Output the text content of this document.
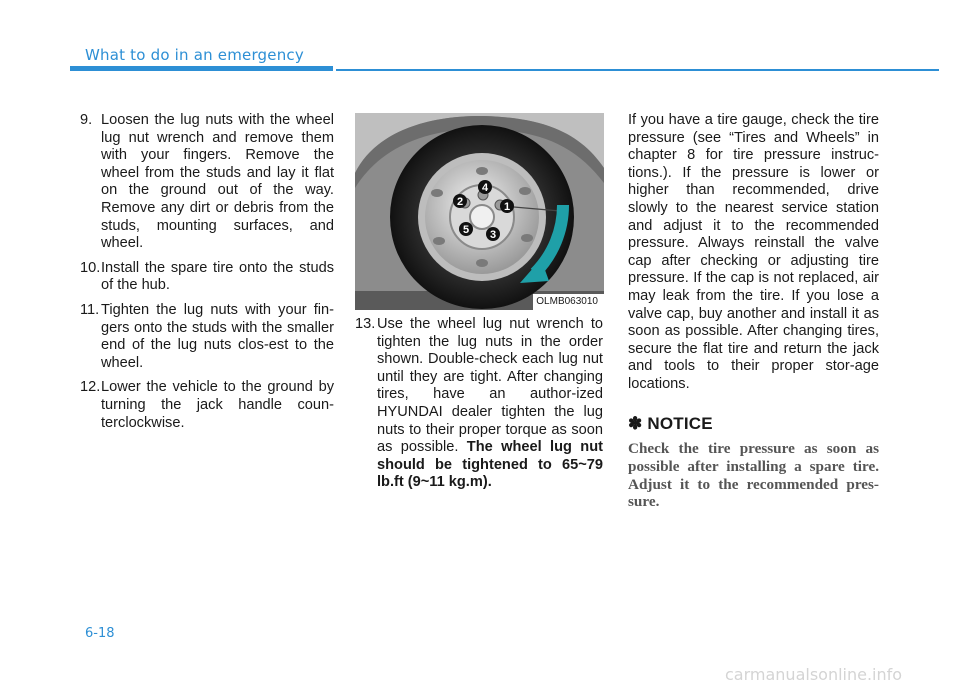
What to do in an emergency
9. Loosen the lug nuts with the wheel lug nut wrench and remove them with your fingers. Remove the wheel from the studs and lay it flat on the ground out of the way. Remove any dirt or debris from the studs, mounting surfaces, and wheel.
10. Install the spare tire onto the studs of the hub.
11. Tighten the lug nuts with your fin-gers onto the studs with the smaller end of the lug nuts clos-est to the wheel.
12. Lower the vehicle to the ground by turning the jack handle coun-terclockwise.
1
2
3
4
5
OLMB063010
13. Use the wheel lug nut wrench to tighten the lug nuts in the order shown. Double-check each lug nut until they are tight. After changing tires, have an author-ized HYUNDAI dealer tighten the lug nuts to their proper torque as soon as possible. The wheel lug nut should be tightened to 65~79 lb.ft (9~11 kg.m).
If you have a tire gauge, check the tire pressure (see “Tires and Wheels” in chapter 8 for tire pressure instruc-tions.). If the pressure is lower or higher than recommended, drive slowly to the nearest service station and adjust it to the recommended pressure. Always reinstall the valve cap after checking or adjusting tire pressure. If the cap is not replaced, air may leak from the tire. If you lose a valve cap, buy another and install it as soon as possible. After changing tires, secure the flat tire and return the jack and tools to their proper stor-age locations.
✽ NOTICE
Check the tire pressure as soon as possible after installing a spare tire. Adjust it to the recommended pres-sure.
6-18
carmanualsonline.info
